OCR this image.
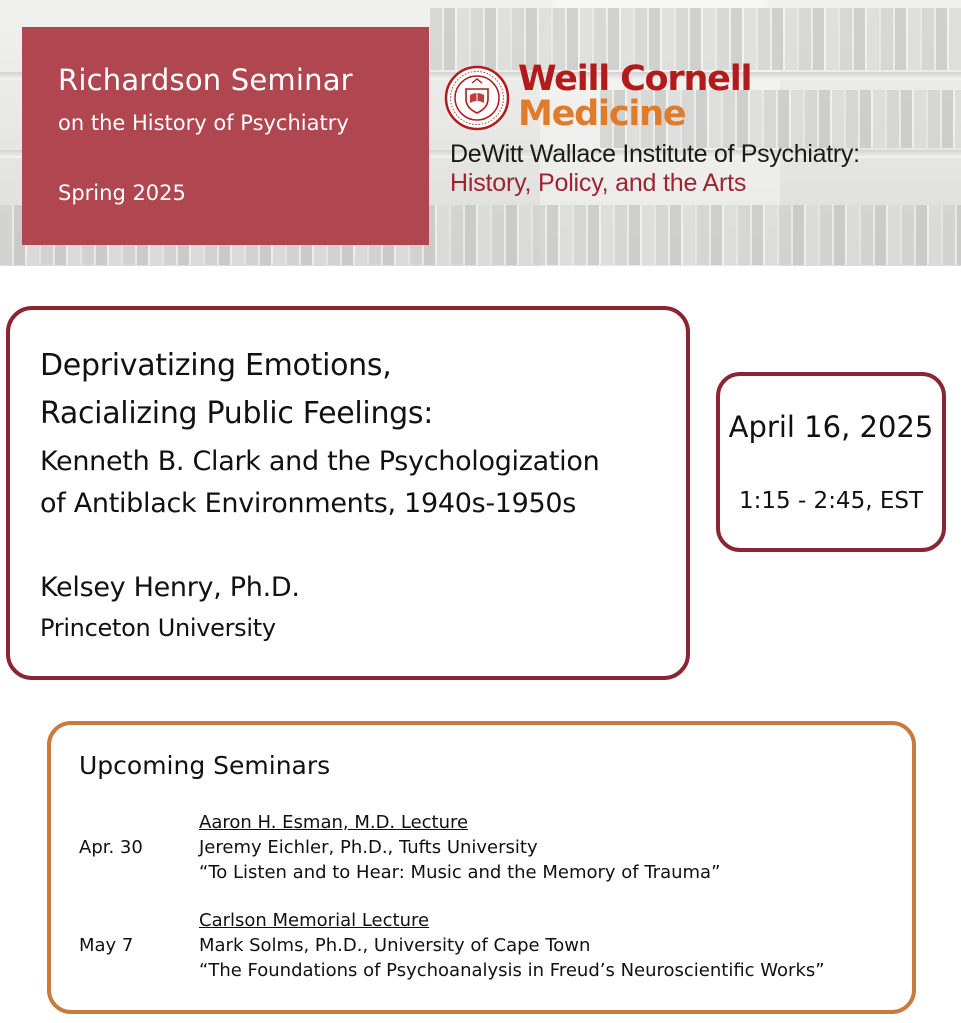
Richardson Seminar
on the History of Psychiatry
Spring 2025
Weill Cornell
Medicine
DeWitt Wallace Institute of Psychiatry:
History, Policy, and the Arts
Deprivatizing Emotions,
Racializing Public Feelings:
Kenneth B. Clark and the Psychologization
of Antiblack Environments, 1940s-1950s
Kelsey Henry, Ph.D.
Princeton University
April 16, 2025
1:15 - 2:45, EST
Upcoming Seminars
Aaron H. Esman, M.D. Lecture
Apr. 30	Jeremy Eichler, Ph.D., Tufts University
“To Listen and to Hear: Music and the Memory of Trauma”
Carlson Memorial Lecture
May 7	Mark Solms, Ph.D., University of Cape Town
“The Foundations of Psychoanalysis in Freud’s Neuroscientific Works”
